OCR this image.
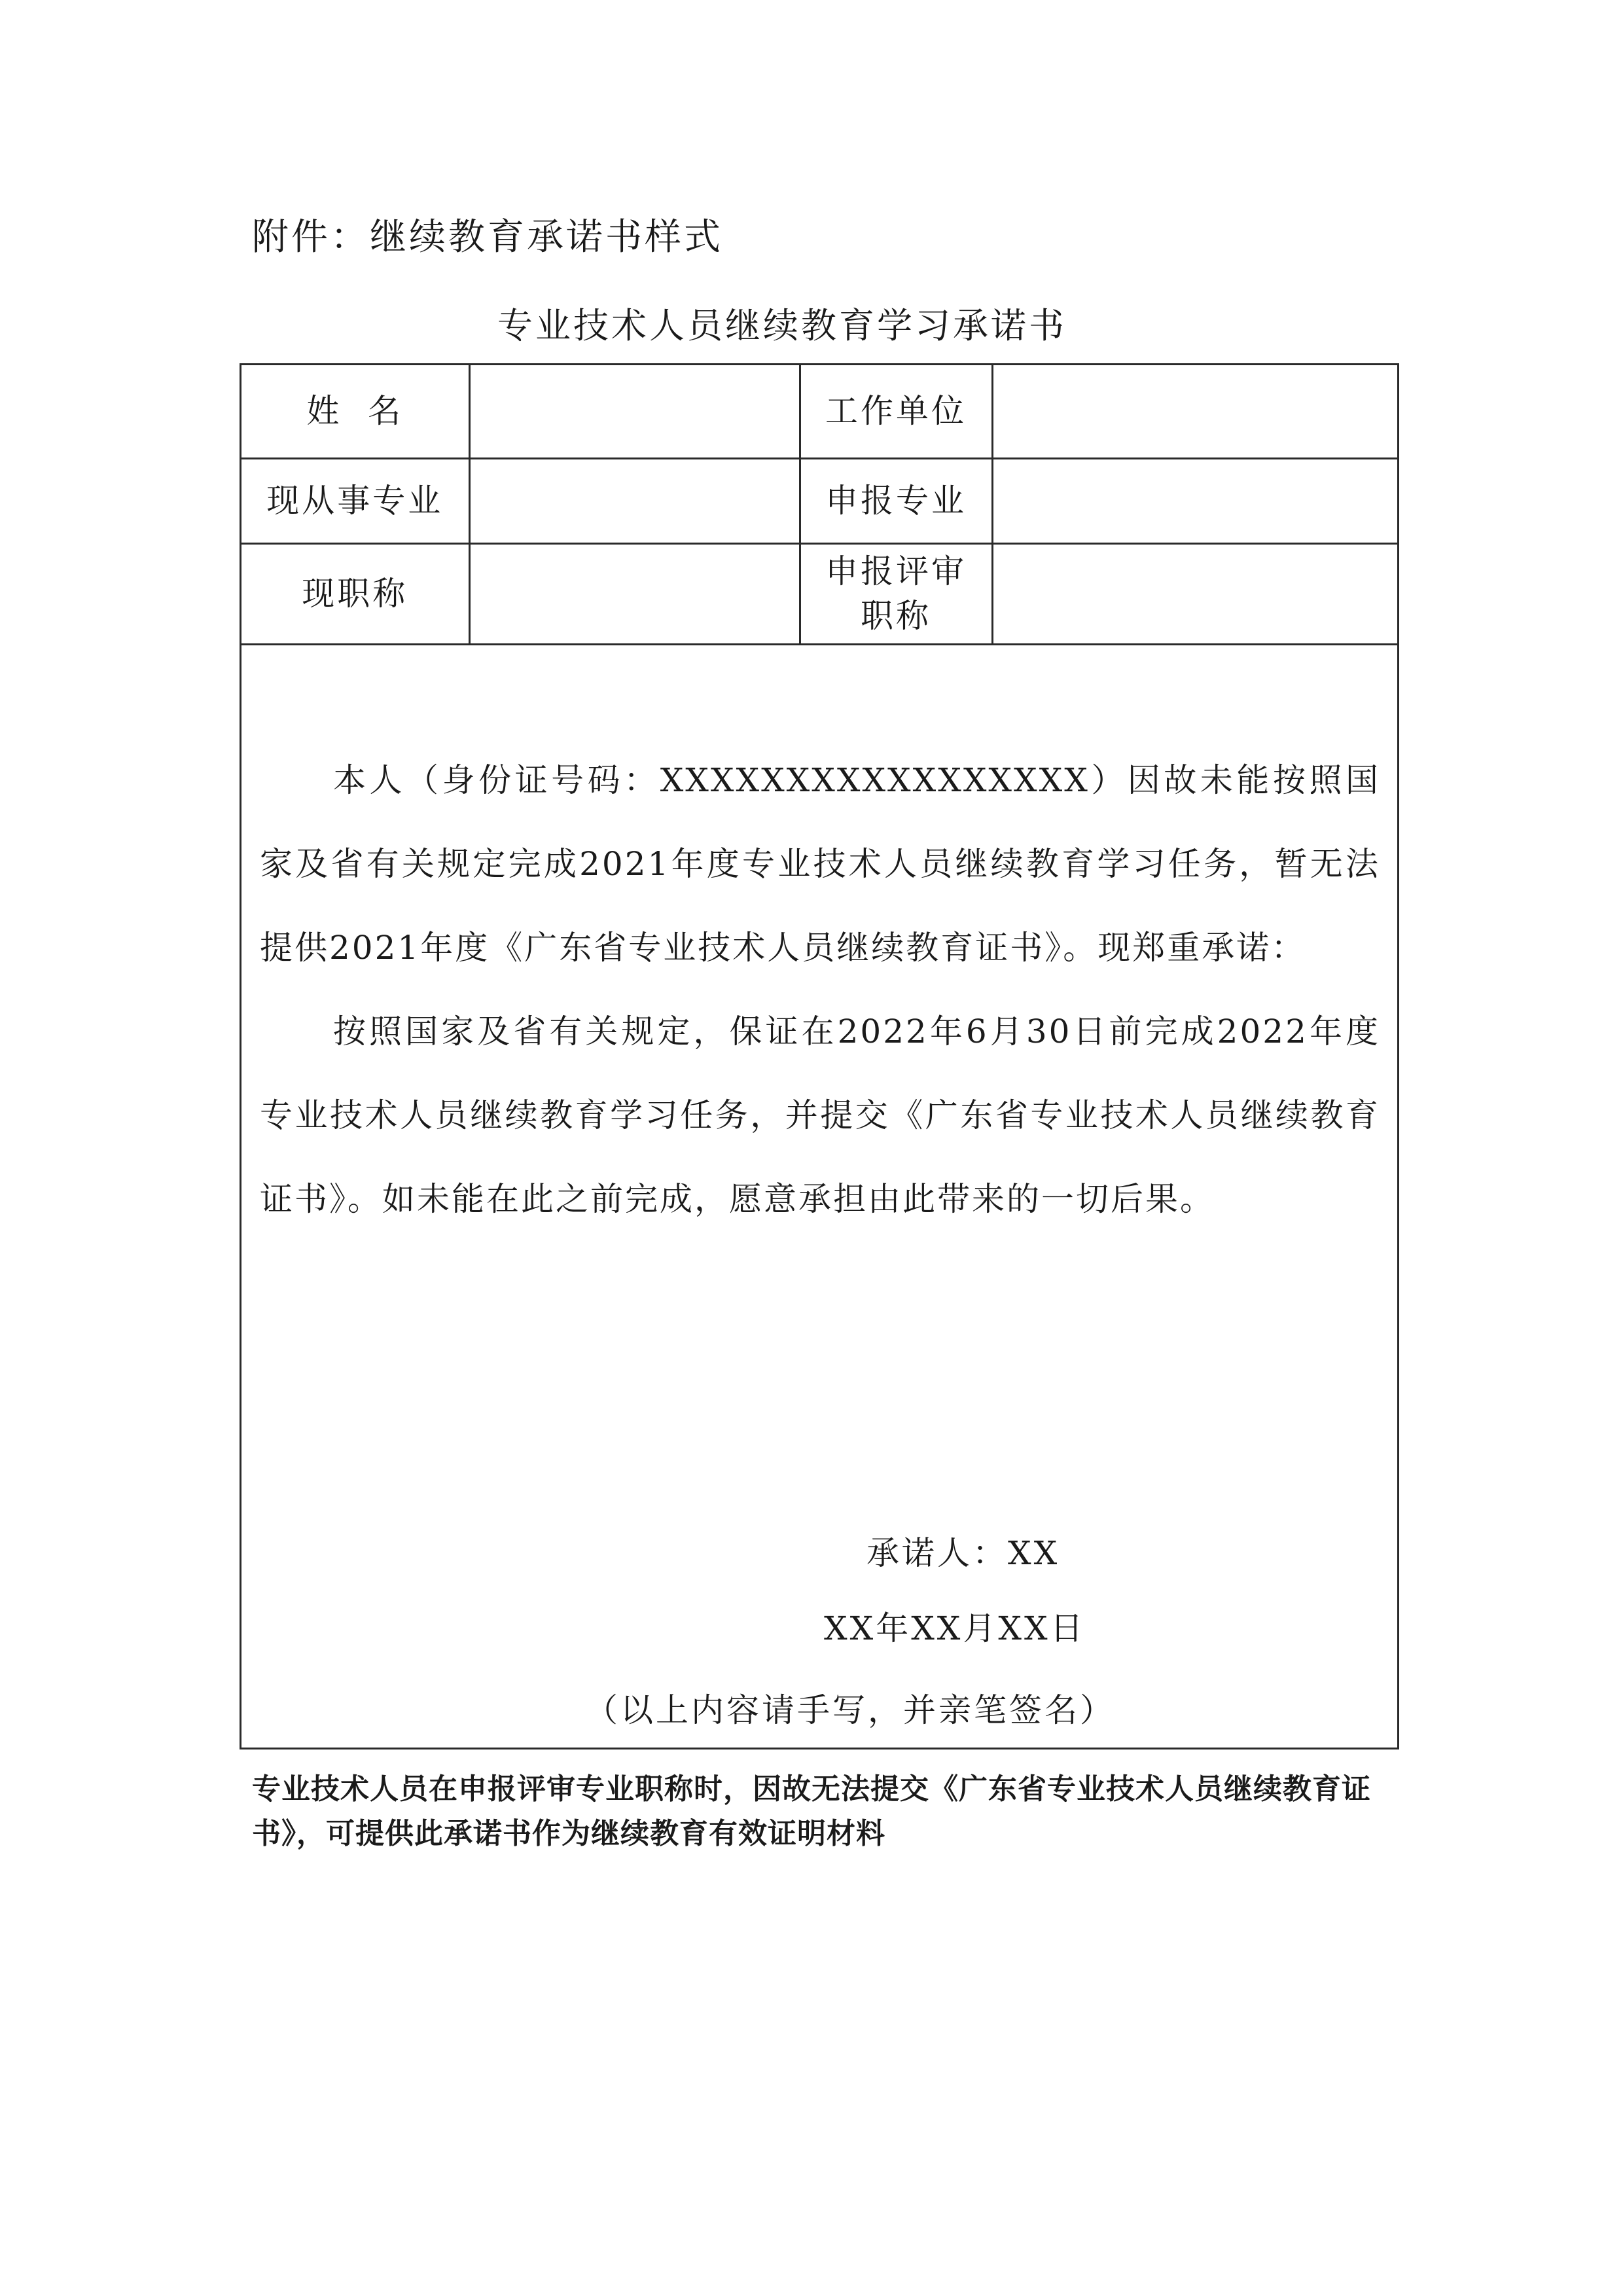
附件：继续教育承诺书样式
专业技术人员继续教育学习承诺书
姓  名		工作单位	
现从事专业		申报专业	
现职称		申报评审
职称	

本人（身份证号码：XXXXXXXXXXXXXXXXX）因故未能按照国家及省有关规定完成2021年度专业技术人员继续教育学习任务，暂无法提供2021年度《广东省专业技术人员继续教育证书》。现郑重承诺：

按照国家及省有关规定，保证在2022年6月30日前完成2022年度专业技术人员继续教育学习任务，并提交《广东省专业技术人员继续教育证书》。如未能在此之前完成，愿意承担由此带来的一切后果。

承诺人：XX
XX年XX月XX日
（以上内容请手写，并亲笔签名）

专业技术人员在申报评审专业职称时，因故无法提交《广东省专业技术人员继续教育证书》，可提供此承诺书作为继续教育有效证明材料
